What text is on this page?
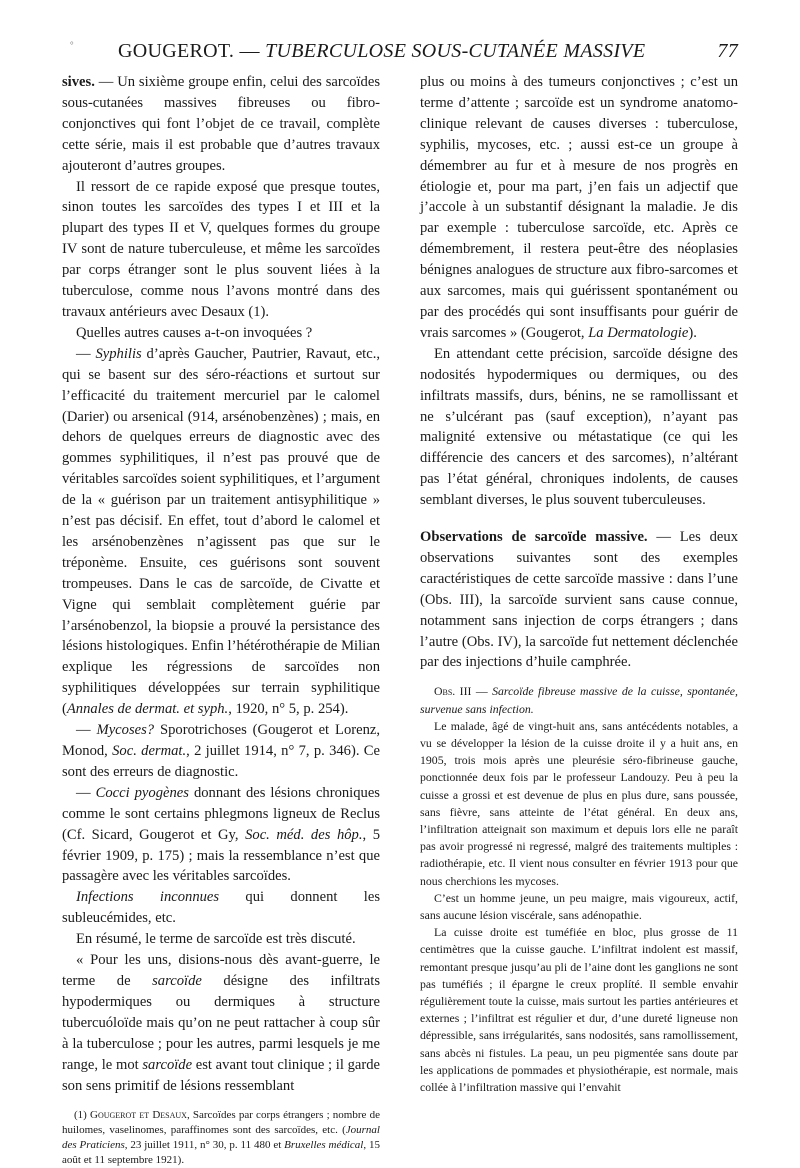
° GOUGEROT. — TUBERCULOSE SOUS-CUTANÉE MASSIVE	77

sives. — Un sixième groupe enfin, celui des sarcoïdes sous-cutanées massives fibreuses ou fibro-conjonctives qui font l’objet de ce travail, complète cette série, mais il est probable que d’autres travaux ajouteront d’autres groupes.

Il ressort de ce rapide exposé que presque toutes, sinon toutes les sarcoïdes des types I et III et la plupart des types II et V, quelques formes du groupe IV sont de nature tuberculeuse, et même les sarcoïdes par corps étranger sont le plus souvent liées à la tuberculose, comme nous l’avons montré dans des travaux antérieurs avec Desaux (1).

Quelles autres causes a-t-on invoquées ?

— Syphilis d’après Gaucher, Pautrier, Ravaut, etc., qui se basent sur des séro-réactions et surtout sur l’efficacité du traitement mercuriel par le calomel (Darier) ou arsenical (914, arsénobenzènes) ; mais, en dehors de quelques erreurs de diagnostic avec des gommes syphilitiques, il n’est pas prouvé que de véritables sarcoïdes soient syphilitiques, et l’argument de la « guérison par un traitement antisyphilitique » n’est pas décisif. En effet, tout d’abord le calomel et les arsénobenzènes n’agissent pas que sur le tréponème. Ensuite, ces guérisons sont souvent trompeuses. Dans le cas de sarcoïde, de Civatte et Vigne qui semblait complètement guérie par l’arsénobenzol, la biopsie a prouvé la persistance des lésions histologiques. Enfin l’hétérothérapie de Milian explique les régressions de sarcoïdes non syphilitiques développées sur terrain syphilitique (Annales de dermat. et syph., 1920, n° 5, p. 254).

— Mycoses? Sporotrichoses (Gougerot et Lorenz, Monod, Soc. dermat., 2 juillet 1914, n° 7, p. 346). Ce sont des erreurs de diagnostic.

— Cocci pyogènes donnant des lésions chroniques comme le sont certains phlegmons ligneux de Reclus (Cf. Sicard, Gougerot et Gy, Soc. méd. des hôp., 5 février 1909, p. 175) ; mais la ressemblance n’est que passagère avec les véritables sarcoïdes.

Infections inconnues qui donnent les subleucémides, etc.

En résumé, le terme de sarcoïde est très discuté.

« Pour les uns, disions-nous dès avant-guerre, le terme de sarcoïde désigne des infiltrats hypodermiques ou dermiques à structure tubercuóloïde mais qu’on ne peut rattacher à coup sûr à la tuberculose ; pour les autres, parmi lesquels je me range, le mot sarcoïde est avant tout clinique ; il garde son sens primitif de lésions ressemblant

(1) Gougerot et Desaux, Sarcoïdes par corps étrangers ; nombre de huilomes, vaselinomes, paraffinomes sont des sarcoïdes, etc. (Journal des Praticiens, 23 juillet 1911, n° 30, p. 11 480 et Bruxelles médical, 15 août et 11 septembre 1921).

plus ou moins à des tumeurs conjonctives ; c’est un terme d’attente ; sarcoïde est un syndrome anatomo-clinique relevant de causes diverses : tuberculose, syphilis, mycoses, etc. ; aussi est-ce un groupe à démembrer au fur et à mesure de nos progrès en étiologie et, pour ma part, j’en fais un adjectif que j’accole à un substantif désignant la maladie. Je dis par exemple : tuberculose sarcoïde, etc. Après ce démembrement, il restera peut-être des néoplasies bénignes analogues de structure aux fibro-sarcomes et aux sarcomes, mais qui guérissent spontanément ou par des procédés qui sont insuffisants pour guérir de vrais sarcomes » (Gougerot, La Dermatologie).

En attendant cette précision, sarcoïde désigne des nodosités hypodermiques ou dermiques, ou des infiltrats massifs, durs, bénins, ne se ramollissant et ne s’ulcérant pas (sauf exception), n’ayant pas malignité extensive ou métastatique (ce qui les différencie des cancers et des sarcomes), n’altérant pas l’état général, chroniques indolents, de causes semblant diverses, le plus souvent tuberculeuses.

Observations de sarcoïde massive. — Les deux observations suivantes sont des exemples caractéristiques de cette sarcoïde massive : dans l’une (Obs. III), la sarcoïde survient sans cause connue, notamment sans injection de corps étrangers ; dans l’autre (Obs. IV), la sarcoïde fut nettement déclenchée par des injections d’huile camphrée.

Obs. III — Sarcoïde fibreuse massive de la cuisse, spontanée, survenue sans infection.

Le malade, âgé de vingt-huit ans, sans antécédents notables, a vu se développer la lésion de la cuisse droite il y a huit ans, en 1905, trois mois après une pleurésie séro-fibrineuse gauche, ponctionnée deux fois par le professeur Landouzy. Peu à peu la cuisse a grossi et est devenue de plus en plus dure, sans poussée, sans fièvre, sans atteinte de l’état général. En deux ans, l’infiltration atteignait son maximum et depuis lors elle ne paraît pas avoir progressé ni regressé, malgré des traitements multiples : radiothérapie, etc. Il vient nous consulter en février 1913 pour que nous cherchions les mycoses.

C’est un homme jeune, un peu maigre, mais vigoureux, actif, sans aucune lésion viscérale, sans adénopathie.

La cuisse droite est tuméfiée en bloc, plus grosse de 11 centimètres que la cuisse gauche. L’infiltrat indolent est massif, remontant presque jusqu’au pli de l’aine dont les ganglions ne sont pas tuméfiés ; il épargne le creux proplíté. Il semble envahir régulièrement toute la cuisse, mais surtout les parties antérieures et externes ; l’infiltrat est régulier et dur, d’une dureté ligneuse non dépressible, sans irrégularités, sans nodosités, sans ramollissement, sans abcès ni fistules. La peau, un peu pigmentée sans doute par les applications de pommades et physiothérapie, est normale, mais collée à l’infiltration massive qui l’envahit
